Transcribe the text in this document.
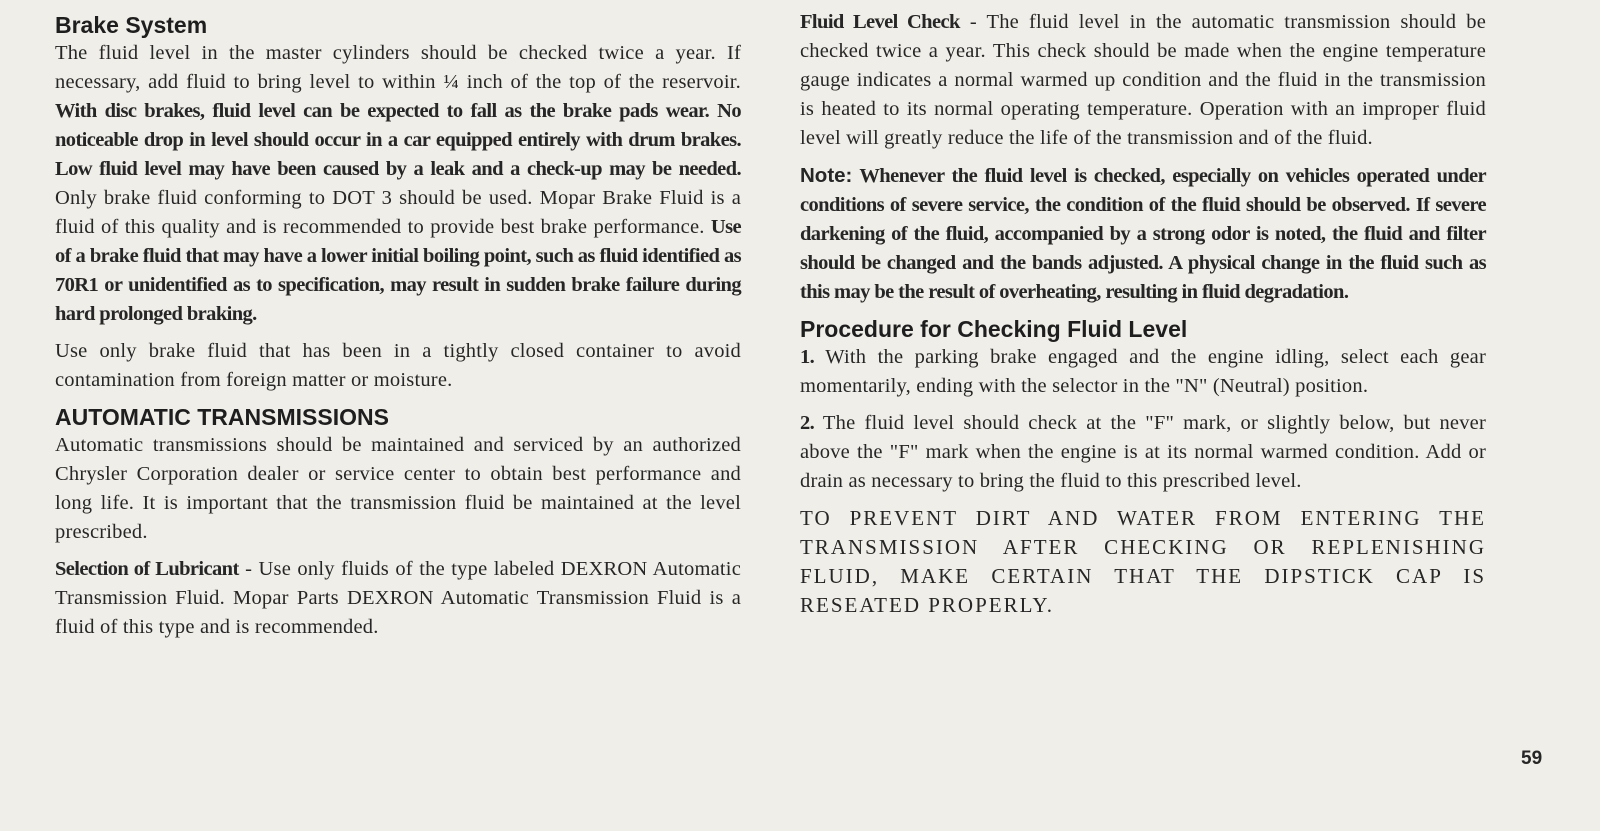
Brake System

The fluid level in the master cylinders should be checked twice a year. If necessary, add fluid to bring level to within ¼ inch of the top of the reservoir. With disc brakes, fluid level can be expected to fall as the brake pads wear. No noticeable drop in level should occur in a car equipped entirely with drum brakes. Low fluid level may have been caused by a leak and a check-up may be needed. Only brake fluid conforming to DOT 3 should be used. Mopar Brake Fluid is a fluid of this quality and is recommended to provide best brake performance. Use of a brake fluid that may have a lower initial boiling point, such as fluid identified as 70R1 or unidentified as to specification, may result in sudden brake failure during hard prolonged braking.

Use only brake fluid that has been in a tightly closed container to avoid contamination from foreign matter or moisture.

AUTOMATIC TRANSMISSIONS

Automatic transmissions should be maintained and serviced by an authorized Chrysler Corporation dealer or service center to obtain best performance and long life. It is important that the transmission fluid be maintained at the level prescribed.

Selection of Lubricant - Use only fluids of the type labeled DEXRON Automatic Transmission Fluid. Mopar Parts DEXRON Automatic Transmission Fluid is a fluid of this type and is recommended.

Fluid Level Check - The fluid level in the automatic transmission should be checked twice a year. This check should be made when the engine temperature gauge indicates a normal warmed up condition and the fluid in the transmission is heated to its normal operating temperature. Operation with an improper fluid level will greatly reduce the life of the transmission and of the fluid.

Note: Whenever the fluid level is checked, especially on vehicles operated under conditions of severe service, the condition of the fluid should be observed. If severe darkening of the fluid, accompanied by a strong odor is noted, the fluid and filter should be changed and the bands adjusted. A physical change in the fluid such as this may be the result of overheating, resulting in fluid degradation.

Procedure for Checking Fluid Level

1. With the parking brake engaged and the engine idling, select each gear momentarily, ending with the selector in the "N" (Neutral) position.

2. The fluid level should check at the "F" mark, or slightly below, but never above the "F" mark when the engine is at its normal warmed condition. Add or drain as necessary to bring the fluid to this prescribed level.

TO PREVENT DIRT AND WATER FROM ENTERING THE TRANSMISSION AFTER CHECKING OR REPLENISHING FLUID, MAKE CERTAIN THAT THE DIPSTICK CAP IS RESEATED PROPERLY.

59
